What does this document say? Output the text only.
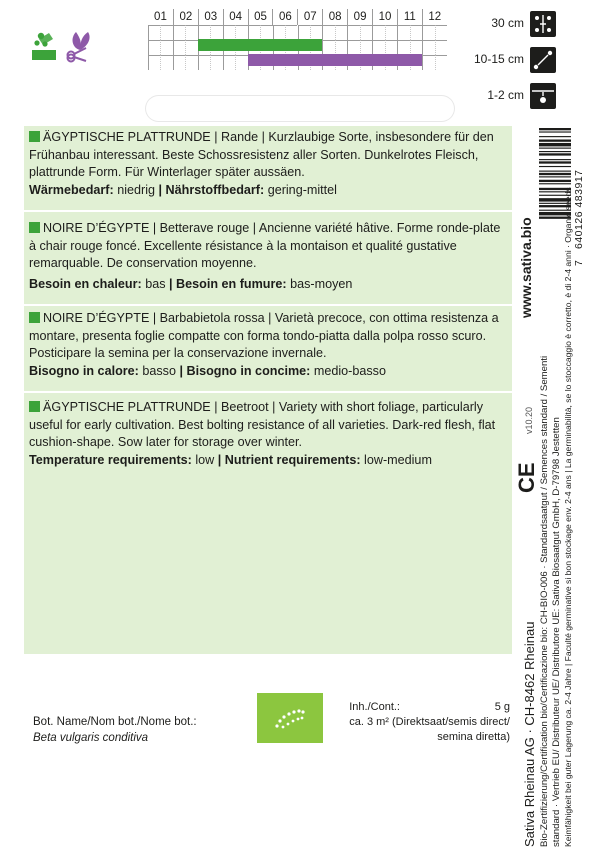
01	02	03	04	05	06	07	08	09	10	11	12	30 cm
10-15 cm
1-2 cm

ÄGYPTISCHE PLATTRUNDE | Rande | Kurzlaubige Sorte, insbesondere für den Frühanbau interessant. Beste Schossresistenz aller Sorten. Dunkelrotes Fleisch, plattrunde Form. Für Winterlager später aussäen.

Wärmebedarf: niedrig | Nährstoffbedarf: gering-mittel

NOIRE D’ÉGYPTE | Betterave rouge | Ancienne variété hâtive. Forme ronde-plate à chair rouge foncé. Excellente résistance à la montaison et qualité gustative remarquable. De conservation moyenne.

Besoin en chaleur: bas | Besoin en fumure: bas-moyen

NOIRE D’ÉGYPTE | Barbabietola rossa | Varietà precoce, con ottima resistenza a montare, presenta foglie compatte con forma tondo-piatta dalla polpa rosso scuro. Posticipare la semina per la conservazione invernale.

Bisogno in calore: basso | Bisogno in concime: medio-basso

ÄGYPTISCHE PLATTRUNDE | Beetroot | Variety with short foliage, particularly useful for early cultivation. Best bolting resistance of all varieties. Dark-red flesh, flat cushion-shape. Sow later for storage over winter.

Temperature requirements: low | Nutrient requirements: low-medium

Bot. Name/Nom bot./Nome bot.:
Beta vulgaris conditiva
Inh./Cont.:
	5 g
ca. 3 m² (Direktsaat/semis direct/
semina diretta)
7
640126 483917
www.sativa.bio
v10.20
CE
Sativa Rheinau AG · CH-8462 Rheinau Bio-Zertifizierung/Certification bio/Certificazione bio: CH-BIO-006 · Standardsaatgut / Semences standard / Sementi standard · Vertrieb EU/ Distributeur UE/ Distributore UE: Sativa Biosaatgut GmbH, D-79798 Jestetten Keimfähigkeit bei guter Lagerung ca. 2-4 Jahre | Faculté germinative si bon stockage env. 2-4 ans | La germinabilità, se lo stoccaggio è corretto, è di 2-4 anni · Organic seeds
